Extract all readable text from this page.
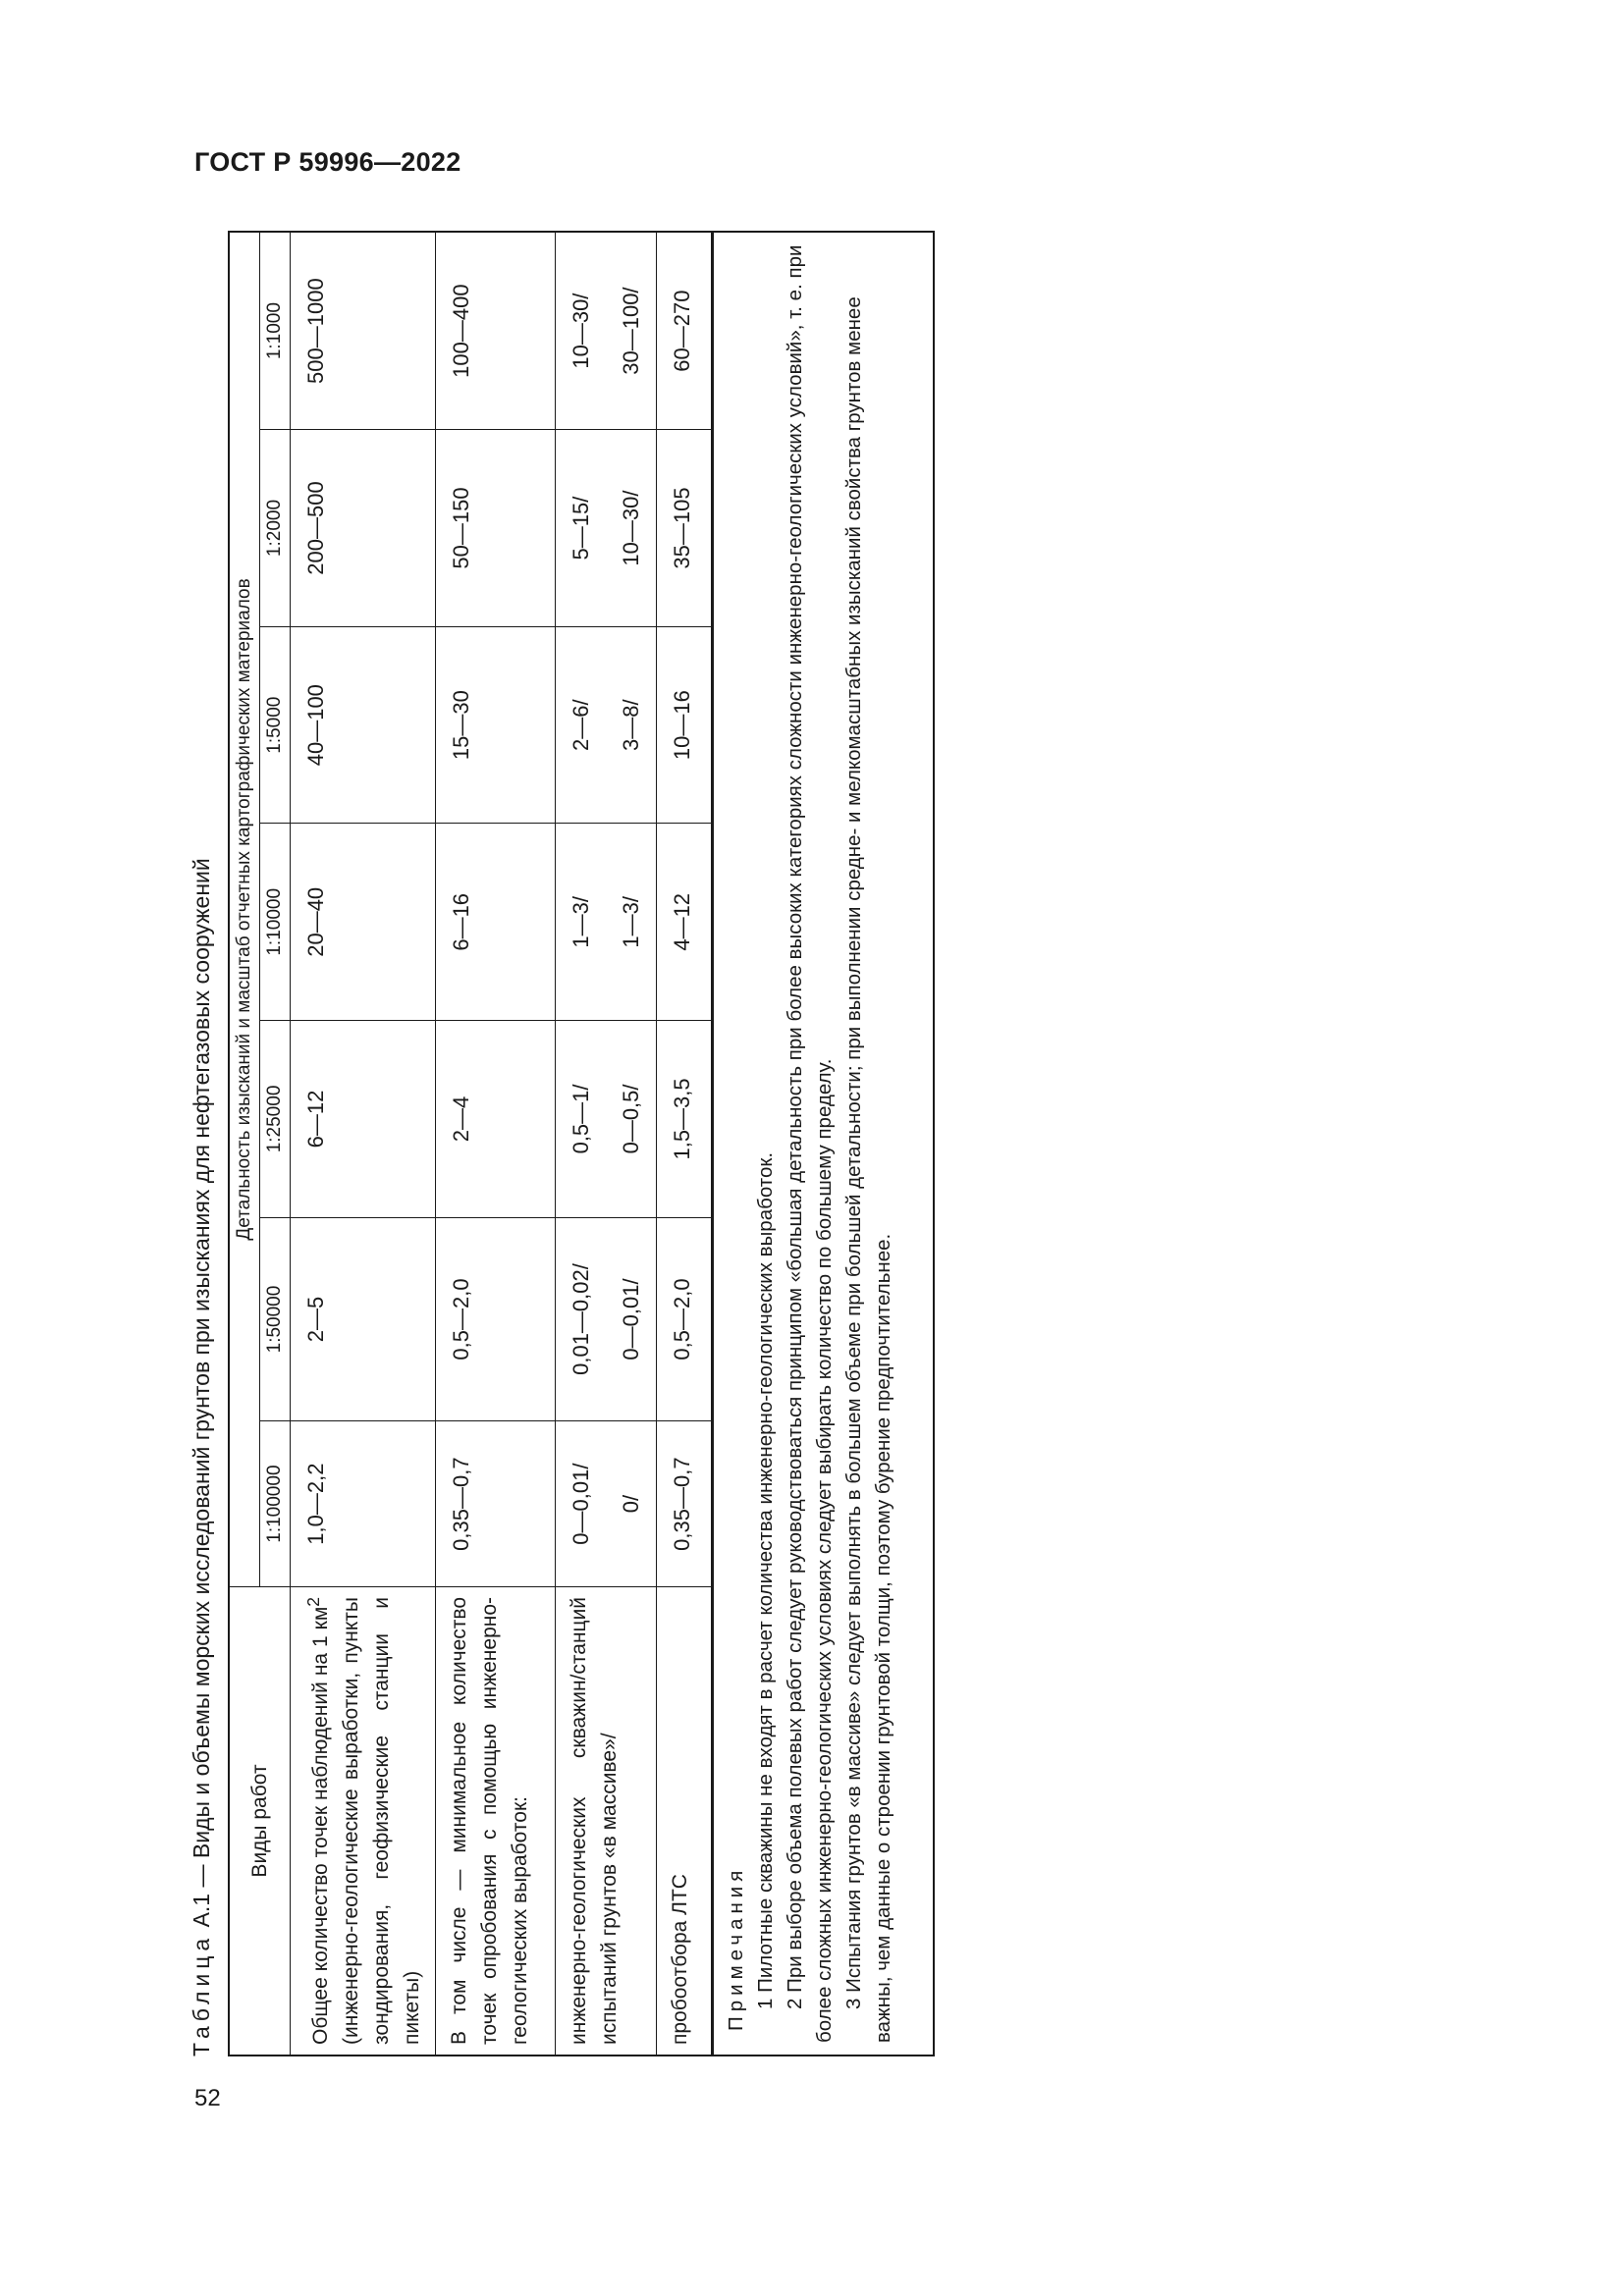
ГОСТ Р 59996—2022
52
Таблица А.1 — Виды и объемы морских исследований грунтов при изысканиях для нефтегазовых сооружений Виды работ	Детальность изысканий и масштаб отчетных картографических материалов						
	1:100000	1:50000	1:25000	1:10000	1:5000	1:2000	1:1000
Общее количество точек наблюдений на 1 $км^2$ (инженерно-геологические выработки, пункты зондирования, геофизические станции и пикеты)	1,0—2,2	2—5	6—12	20—40	40—100	200—500	500—1000
В том числе — минимальное количество точек опробования с помощью инженерно-геологических выработок:	0,35—0,7	0,5—2,0	2—4	6—16	15—30	50—150	100—400
инженерно-геологических скважин/станций испытаний грунтов «в массиве»/	0—0,01/	0,01—0,02/	0,5—1/	1—3/	2—6/	5—15/	10—30/
	0/	0—0,01/	0—0,5/	1—3/	3—8/	10—30/	30—100/
пробоотбора ЛТС	0,35—0,7	0,5—2,0	1,5—3,5	4—12	10—16	35—105	60—270
Примечания 1 Пилотные скважины не входят в расчет количества инженерно-геологических выработок. 2 При выборе объема полевых работ следует руководствоваться принципом «большая детальность при более высоких категориях сложности инженерно-геологических условий», т. е. при более сложных инженерно-геологических условиях следует выбирать количество по большему пределу. 3 Испытания грунтов «в массиве» следует выполнять в большем объеме при большей детальности; при выполнении средне- и мелкомасштабных изысканий свойства грунтов менее важны, чем данные о строении грунтовой толщи, поэтому бурение предпочтительнее.
